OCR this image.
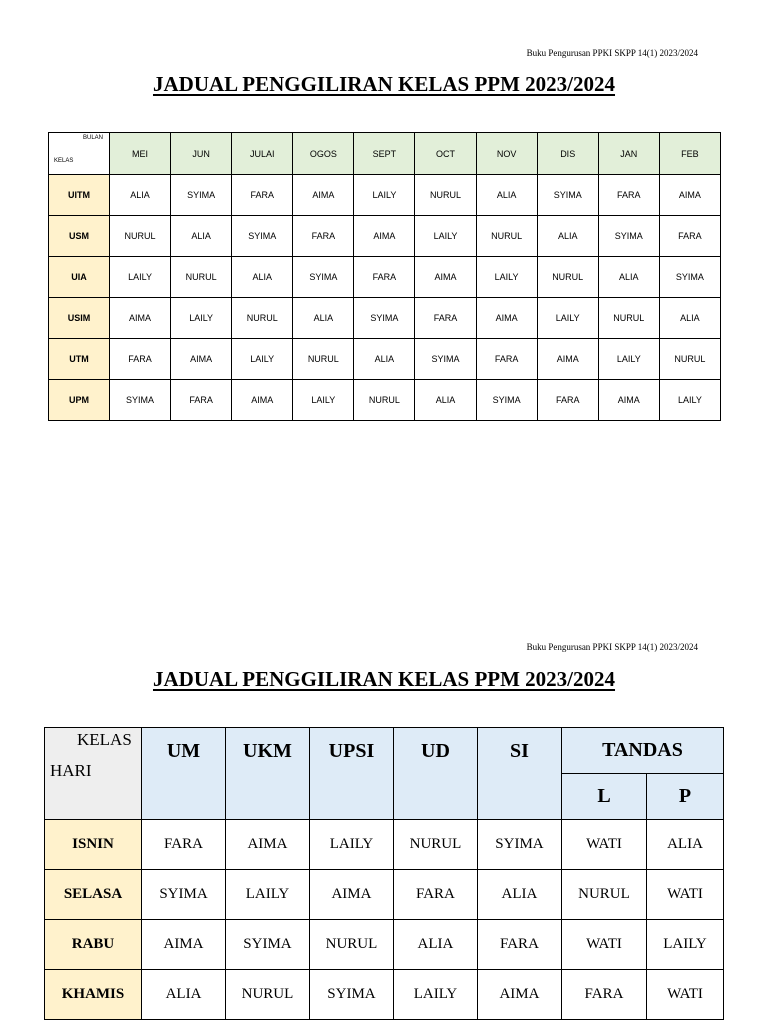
Buku Pengurusan PPKI SKPP 14(1) 2023/2024
JADUAL PENGGILIRAN KELAS PPM 2023/2024
BULAN
KELAS	MEI	JUN	JULAI	OGOS	SEPT	OCT	NOV	DIS	JAN	FEB
UITM	ALIA	SYIMA	FARA	AIMA	LAILY	NURUL	ALIA	SYIMA	FARA	AIMA
USM	NURUL	ALIA	SYIMA	FARA	AIMA	LAILY	NURUL	ALIA	SYIMA	FARA
UIA	LAILY	NURUL	ALIA	SYIMA	FARA	AIMA	LAILY	NURUL	ALIA	SYIMA
USIM	AIMA	LAILY	NURUL	ALIA	SYIMA	FARA	AIMA	LAILY	NURUL	ALIA
UTM	FARA	AIMA	LAILY	NURUL	ALIA	SYIMA	FARA	AIMA	LAILY	NURUL
UPM	SYIMA	FARA	AIMA	LAILY	NURUL	ALIA	SYIMA	FARA	AIMA	LAILY
Buku Pengurusan PPKI SKPP 14(1) 2023/2024
JADUAL PENGGILIRAN KELAS PPM 2023/2024
KELAS
HARI	UM	UKM	UPSI	UD	SI	TANDAS	
						L	P
ISNIN	FARA	AIMA	LAILY	NURUL	SYIMA	WATI	ALIA
SELASA	SYIMA	LAILY	AIMA	FARA	ALIA	NURUL	WATI
RABU	AIMA	SYIMA	NURUL	ALIA	FARA	WATI	LAILY
KHAMIS	ALIA	NURUL	SYIMA	LAILY	AIMA	FARA	WATI
